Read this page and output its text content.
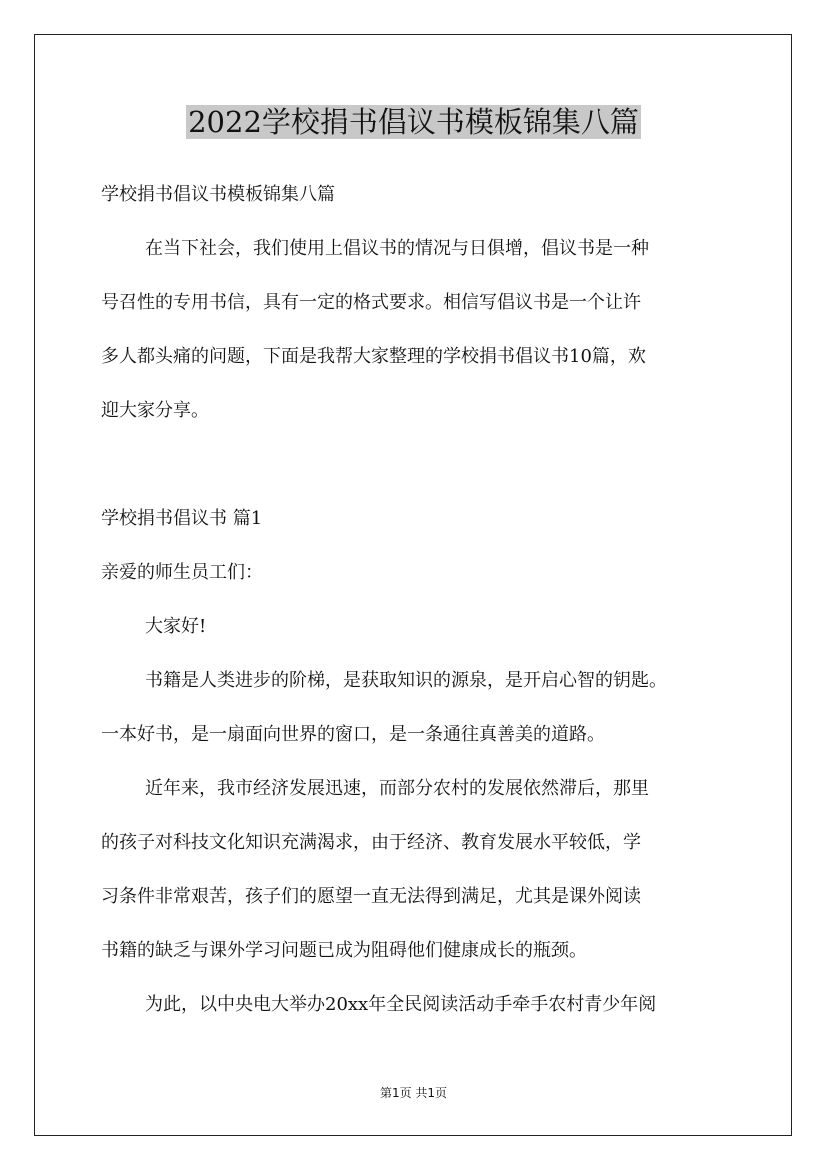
2022学校捐书倡议书模板锦集八篇

学校捐书倡议书模板锦集八篇

在当下社会，我们使用上倡议书的情况与日俱增，倡议书是一种

号召性的专用书信，具有一定的格式要求。相信写倡议书是一个让许

多人都头痛的问题，下面是我帮大家整理的学校捐书倡议书10篇，欢

迎大家分享。

学校捐书倡议书 篇1

亲爱的师生员工们：

大家好!

书籍是人类进步的阶梯，是获取知识的源泉，是开启心智的钥匙。

一本好书，是一扇面向世界的窗口，是一条通往真善美的道路。

近年来，我市经济发展迅速，而部分农村的发展依然滞后，那里

的孩子对科技文化知识充满渴求，由于经济、教育发展水平较低，学

习条件非常艰苦，孩子们的愿望一直无法得到满足，尤其是课外阅读

书籍的缺乏与课外学习问题已成为阻碍他们健康成长的瓶颈。

为此，以中央电大举办20xx年全民阅读活动手牵手农村青少年阅

第1页 共1页
